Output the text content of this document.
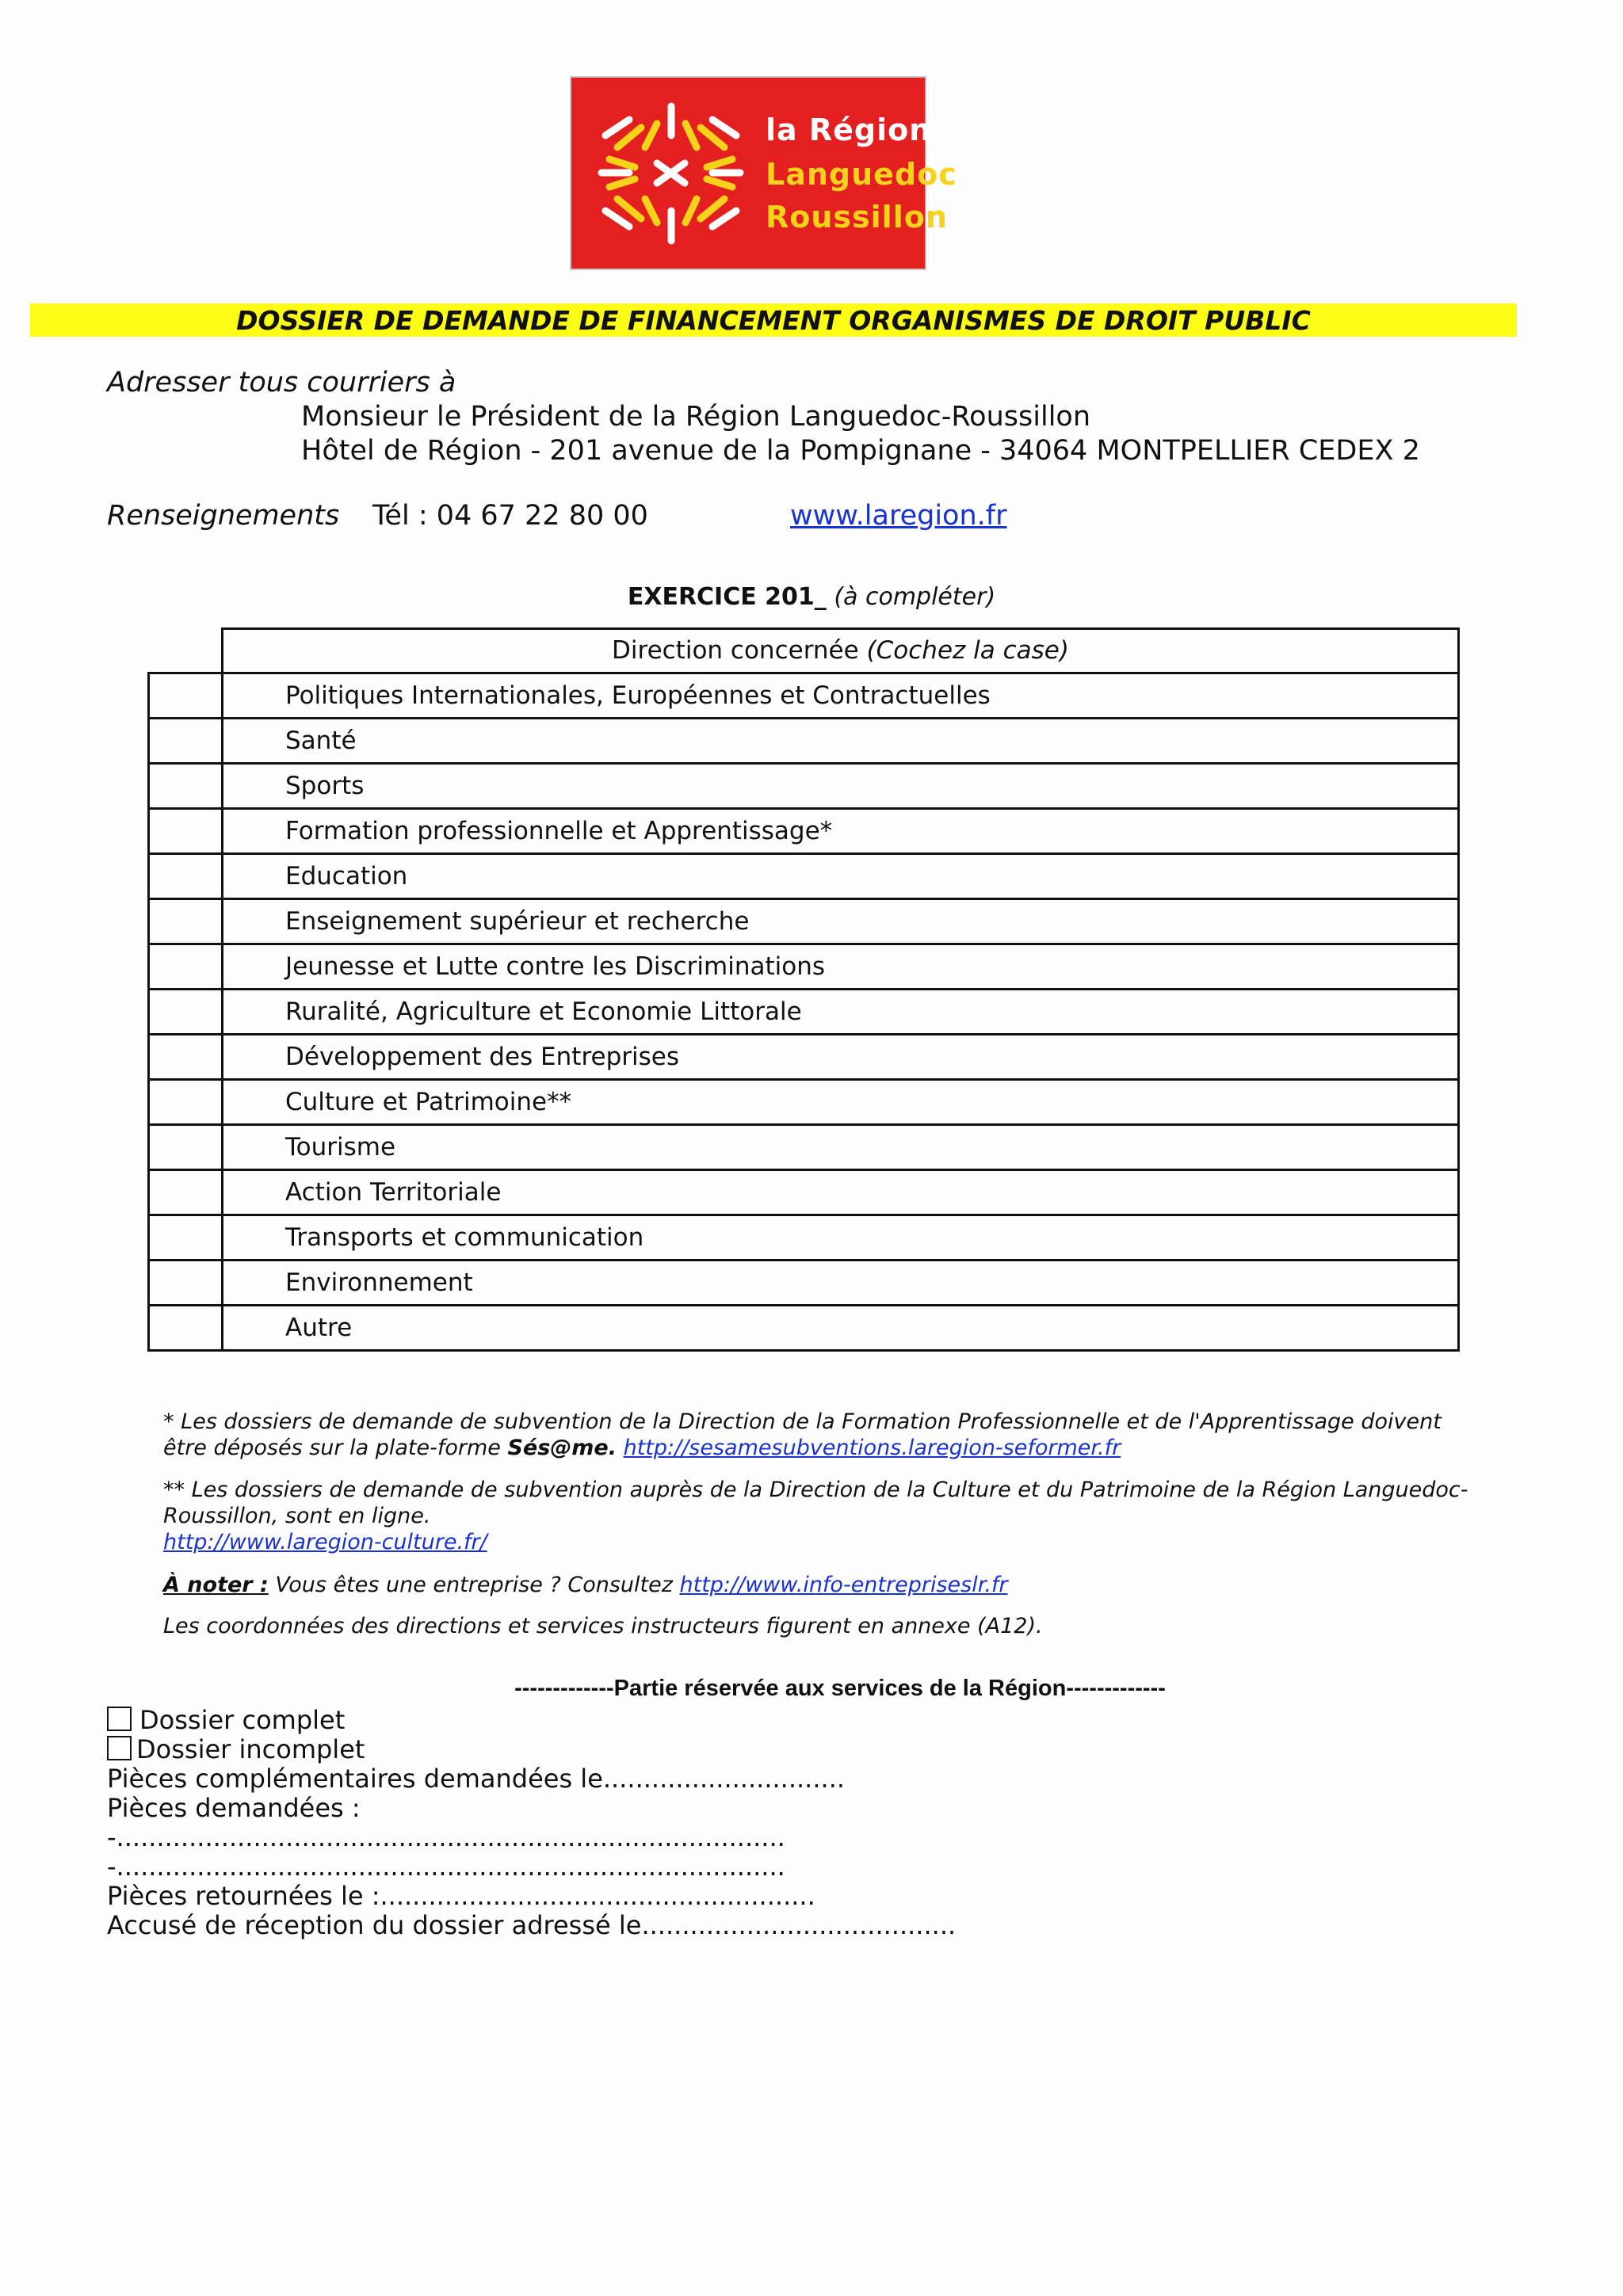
la Région
Languedoc
Roussillon
DOSSIER DE DEMANDE DE FINANCEMENT ORGANISMES DE DROIT PUBLIC
Adresser tous courriers à
Monsieur le Président de la Région Languedoc-Roussillon
Hôtel de Région - 201 avenue de la Pompignane - 34064 MONTPELLIER CEDEX 2
Renseignements Tél : 04 67 22 80 00	www.laregion.fr
EXERCICE 201_ (à compléter)
	Direction concernée (Cochez la case)
	Politiques Internationales, Européennes et Contractuelles
	Santé
	Sports
	Formation professionnelle et Apprentissage*
	Education
	Enseignement supérieur et recherche
	Jeunesse et Lutte contre les Discriminations
	Ruralité, Agriculture et Economie Littorale
	Développement des Entreprises
	Culture et Patrimoine**
	Tourisme
	Action Territoriale
	Transports et communication
	Environnement
	Autre
* Les dossiers de demande de subvention de la Direction de la Formation Professionnelle et de l'Apprentissage doivent
être déposés sur la plate-forme Sés@me. http://sesamesubventions.laregion-seformer.fr
** Les dossiers de demande de subvention auprès de la Direction de la Culture et du Patrimoine de la Région Languedoc-
Roussillon, sont en ligne.
http://www.laregion-culture.fr/
À noter : Vous êtes une entreprise ? Consultez http://www.info-entrepriseslr.fr
Les coordonnées des directions et services instructeurs figurent en annexe (A12).
-------------Partie réservée aux services de la Région-------------
Dossier complet
Dossier incomplet
Pièces complémentaires demandées le..............................
Pièces demandées :
-...................................................................................
-...................................................................................
Pièces retournées le :......................................................
Accusé de réception du dossier adressé le.......................................
